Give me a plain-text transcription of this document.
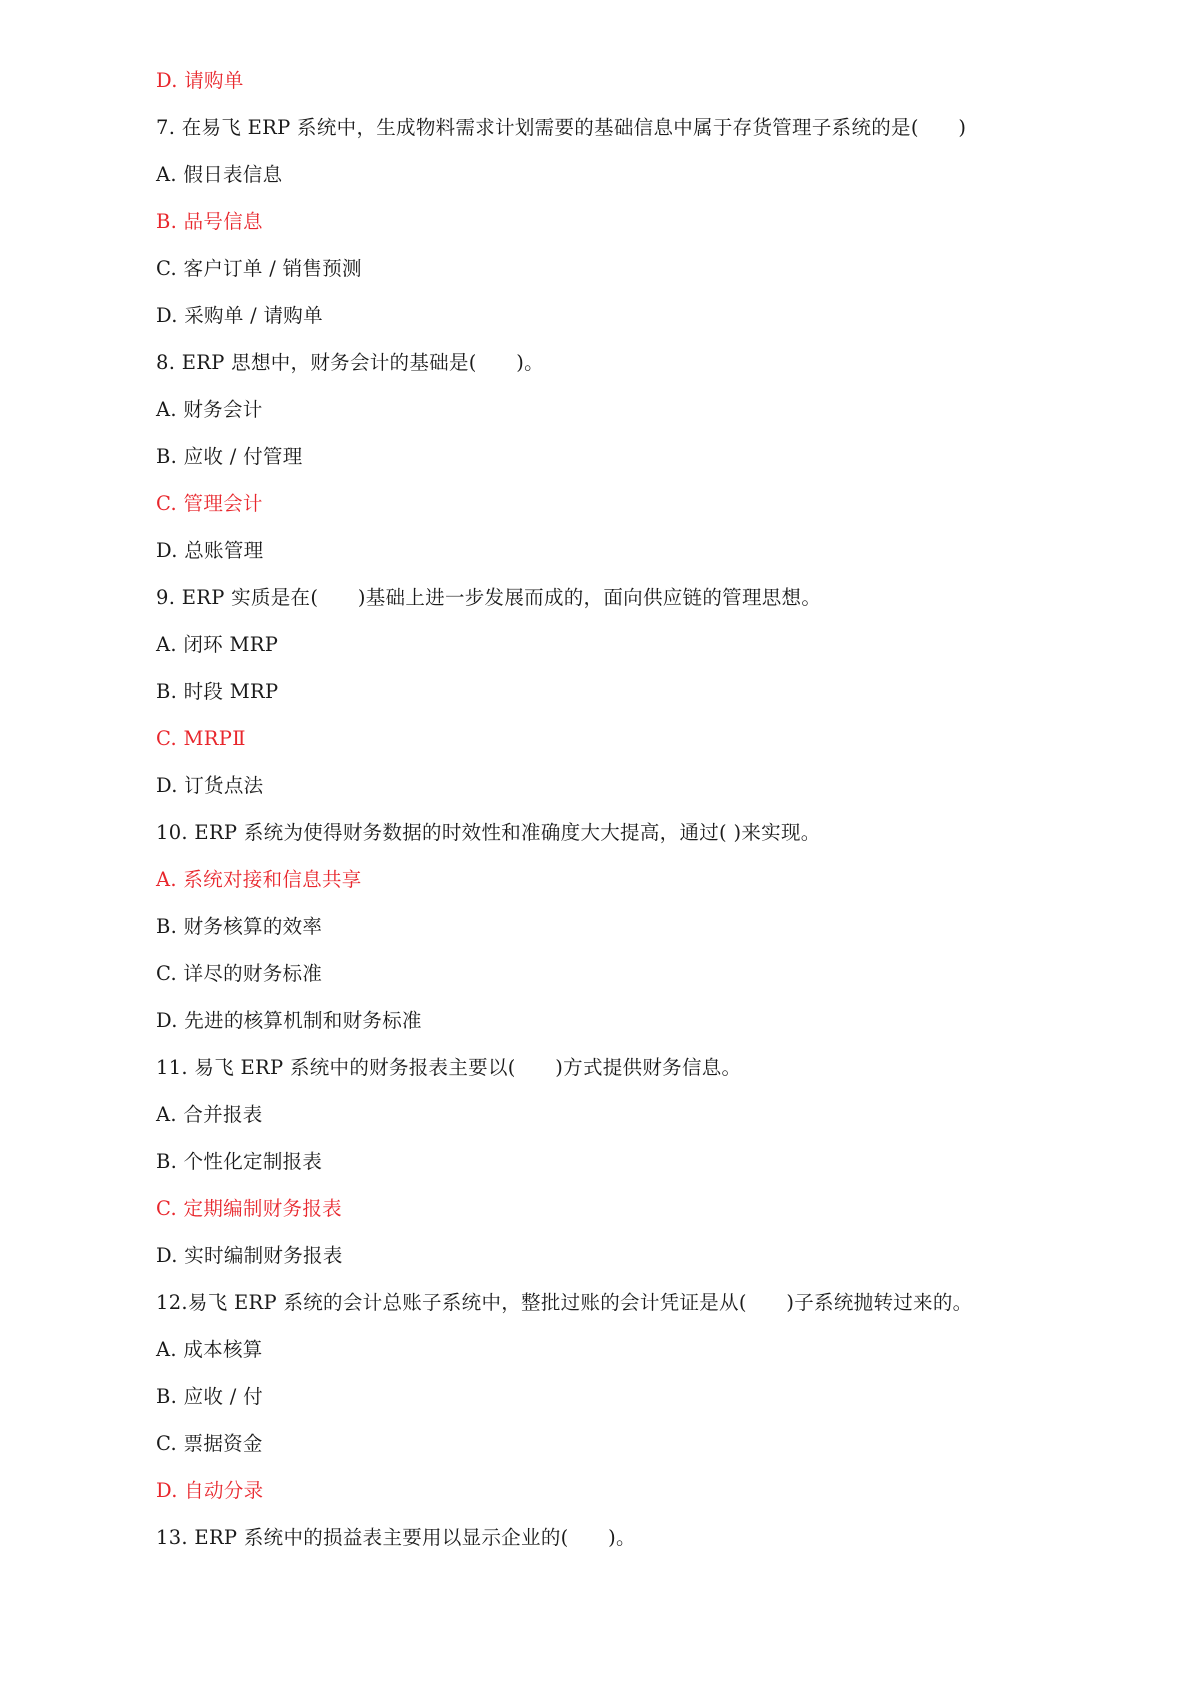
D. 请购单
7. 在易飞 ERP 系统中，生成物料需求计划需要的基础信息中属于存货管理子系统的是(　　)
A. 假日表信息
B. 品号信息
C. 客户订单 / 销售预测
D. 采购单 / 请购单
8. ERP 思想中，财务会计的基础是(　　)。
A. 财务会计
B. 应收 / 付管理
C. 管理会计
D. 总账管理
9. ERP 实质是在(　　)基础上进一步发展而成的，面向供应链的管理思想。
A. 闭环 MRP
B. 时段 MRP
C. MRPⅡ
D. 订货点法
10. ERP 系统为使得财务数据的时效性和准确度大大提高，通过( )来实现。
A. 系统对接和信息共享
B. 财务核算的效率
C. 详尽的财务标准
D. 先进的核算机制和财务标准
11. 易飞 ERP 系统中的财务报表主要以(　　)方式提供财务信息。
A. 合并报表
B. 个性化定制报表
C. 定期编制财务报表
D. 实时编制财务报表
12.易飞 ERP 系统的会计总账子系统中，整批过账的会计凭证是从(　　)子系统抛转过来的。
A. 成本核算
B. 应收 / 付
C. 票据资金
D. 自动分录
13. ERP 系统中的损益表主要用以显示企业的(　　)。
